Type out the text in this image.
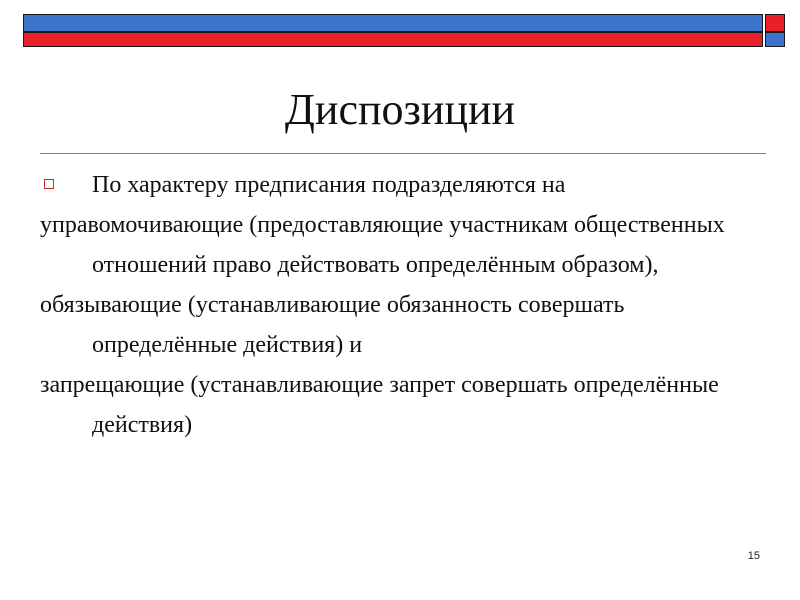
Диспозиции

По характеру предписания подразделяются на

управомочивающие (предоставляющие участникам общественных отношений право действовать определённым образом),

обязывающие (устанавливающие обязанность совершать определённые действия) и

запрещающие (устанавливающие запрет совершать определённые действия)

15
